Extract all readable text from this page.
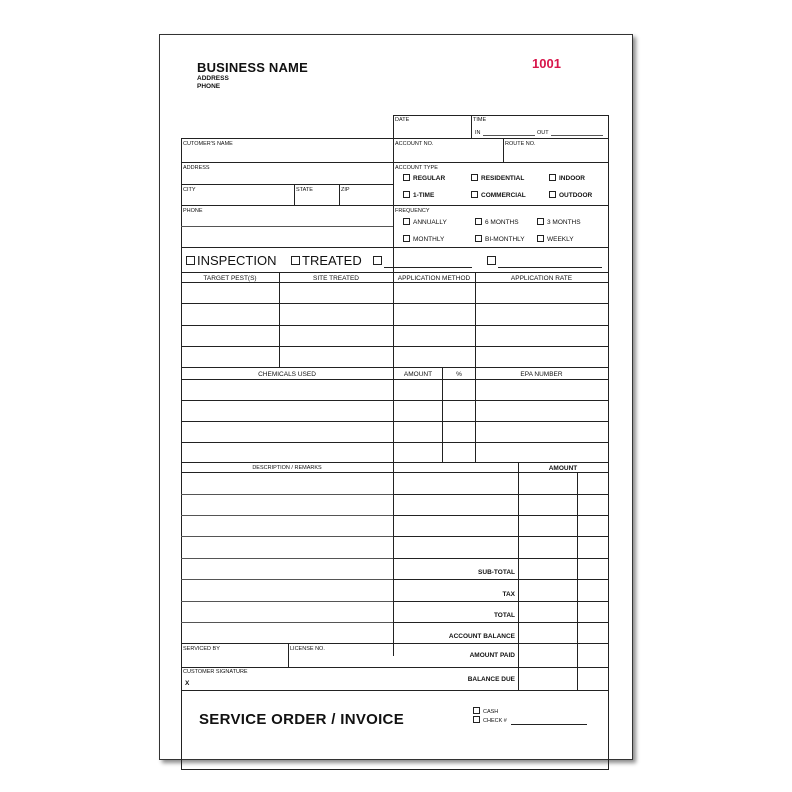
BUSINESS NAME
ADDRESS
PHONE
1001
DATE	TIME
IN	OUT
CUTOMER'S NAME
ADDRESS
CITY	STATE	ZIP
PHONE
ACCOUNT NO.	ROUTE NO.
ACCOUNT TYPE
REGULAR	RESIDENTIAL	INDOOR
1-TIME	COMMERCIAL	OUTDOOR
FREQUENCY
ANNUALLY	6 MONTHS	3 MONTHS
MONTHLY	BI-MONTHLY	WEEKLY
INSPECTION	TREATED
TARGET PEST(S)	SITE TREATED	APPLICATION METHOD	APPLICATION RATE
CHEMICALS USED	AMOUNT	%	EPA NUMBER
DESCRIPTION / REMARKS	AMOUNT
SUB-TOTAL
TAX
TOTAL
ACCOUNT BALANCE
AMOUNT PAID
BALANCE DUE
SERVICED BY	LICENSE NO.
CUSTOMER SIGNATURE
X
SERVICE ORDER / INVOICE	CASH
CHECK #
